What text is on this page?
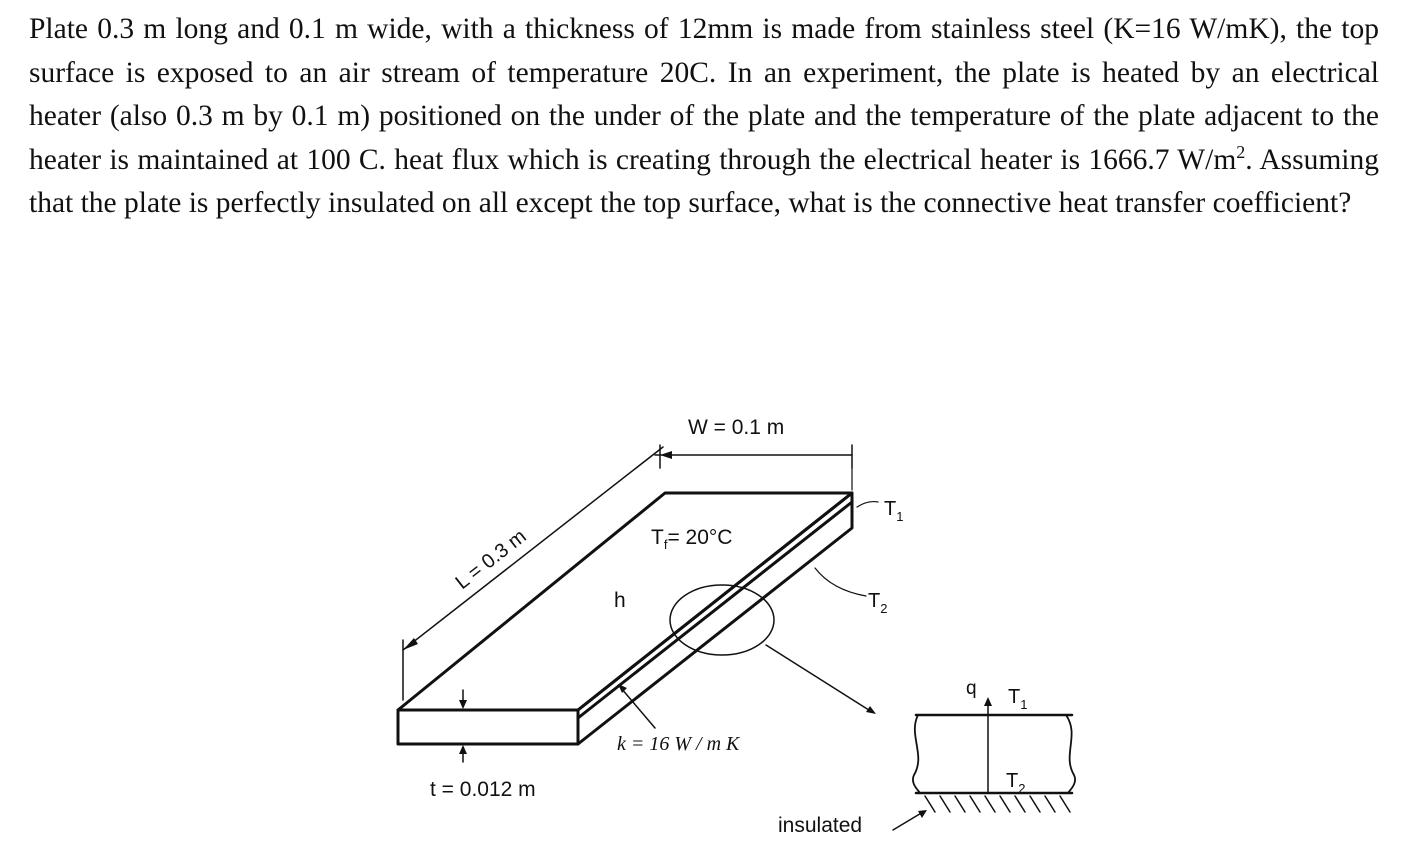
Plate 0.3 m long and 0.1 m wide, with a thickness of 12mm is made from stainless steel (K=16 W/mK), the top surface is exposed to an air stream of temperature 20C. In an experiment, the plate is heated by an electrical heater (also 0.3 m by 0.1 m) positioned on the under of the plate and the temperature of the plate adjacent to the heater is maintained at 100 C. heat flux which is creating through the electrical heater is 1666.7 $W/m^2$. Assuming that the plate is perfectly insulated on all except the top surface, what is the connective heat transfer coefficient?
W = 0.1 m
L = 0.3 m
t = 0.012 m
$T_f= 20^\circ C$
h
$T_1$
$T_2$
k = 16 W / m K
q $T_1$
$T_2$
insulated
